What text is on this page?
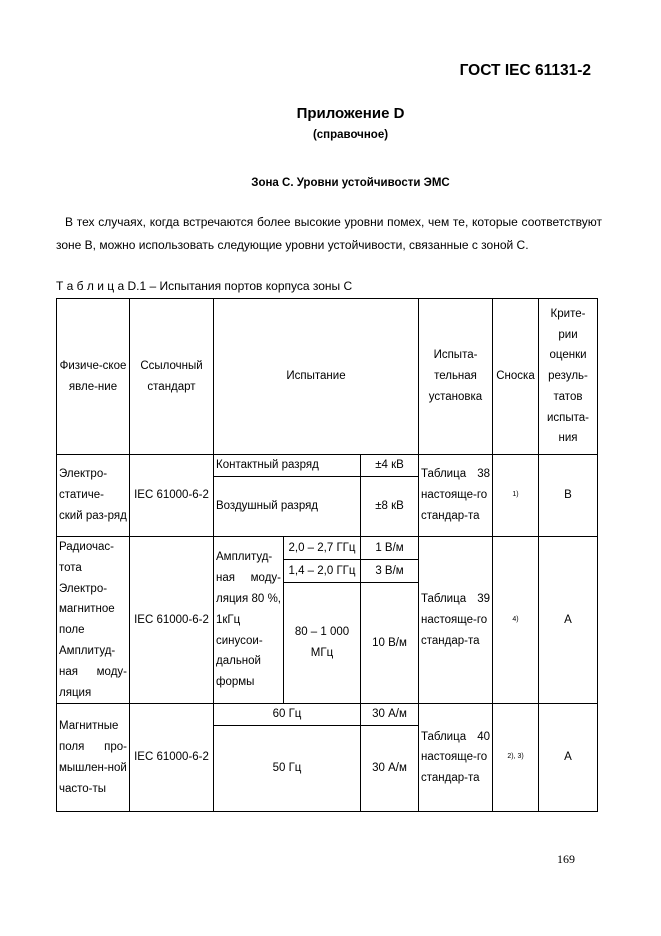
ГОСТ IEC 61131-2
Приложение D
(справочное)
Зона С. Уровни устойчивости ЭМС

В тех случаях, когда встречаются более высокие уровни помех, чем те, которые соответствуют зоне В, можно использовать следующие уровни устойчивости, связанные с зоной С.

Т а б л и ц а D.1 – Испытания портов корпуса зоны С
Физиче-ское явле-ние	Ссылочный стандарт	Испытание			Испыта-тельная установка	Сноска	Крите-рии оценки резуль-татов испыта-ния
Электро-статиче-ский раз-ряд	IEC 61000-6-2	Контактный разряд		±4 кВ	Таблица 38 настояще-го стандар-та	1)	В
		Воздушный разряд		±8 кВ			
Радиочас-тота Электро-магнитное поле Амплитуд-ная моду-ляция	IEC 61000-6-2	Амплитуд-ная моду-ляция 80 %, 1кГц синусои-дальной формы	2,0 – 2,7 ГГц	1 В/м	Таблица 39 настояще-го стандар-та	4)	А
			1,4 – 2,0 ГГц	3 В/м			
			80 – 1 000 МГц	10 В/м			
Магнитные поля про-мышлен-ной часто-ты	IEC 61000-6-2	60 Гц		30 А/м	Таблица 40 настояще-го стандар-та	2), 3)	А
		50 Гц		30 А/м			
169
